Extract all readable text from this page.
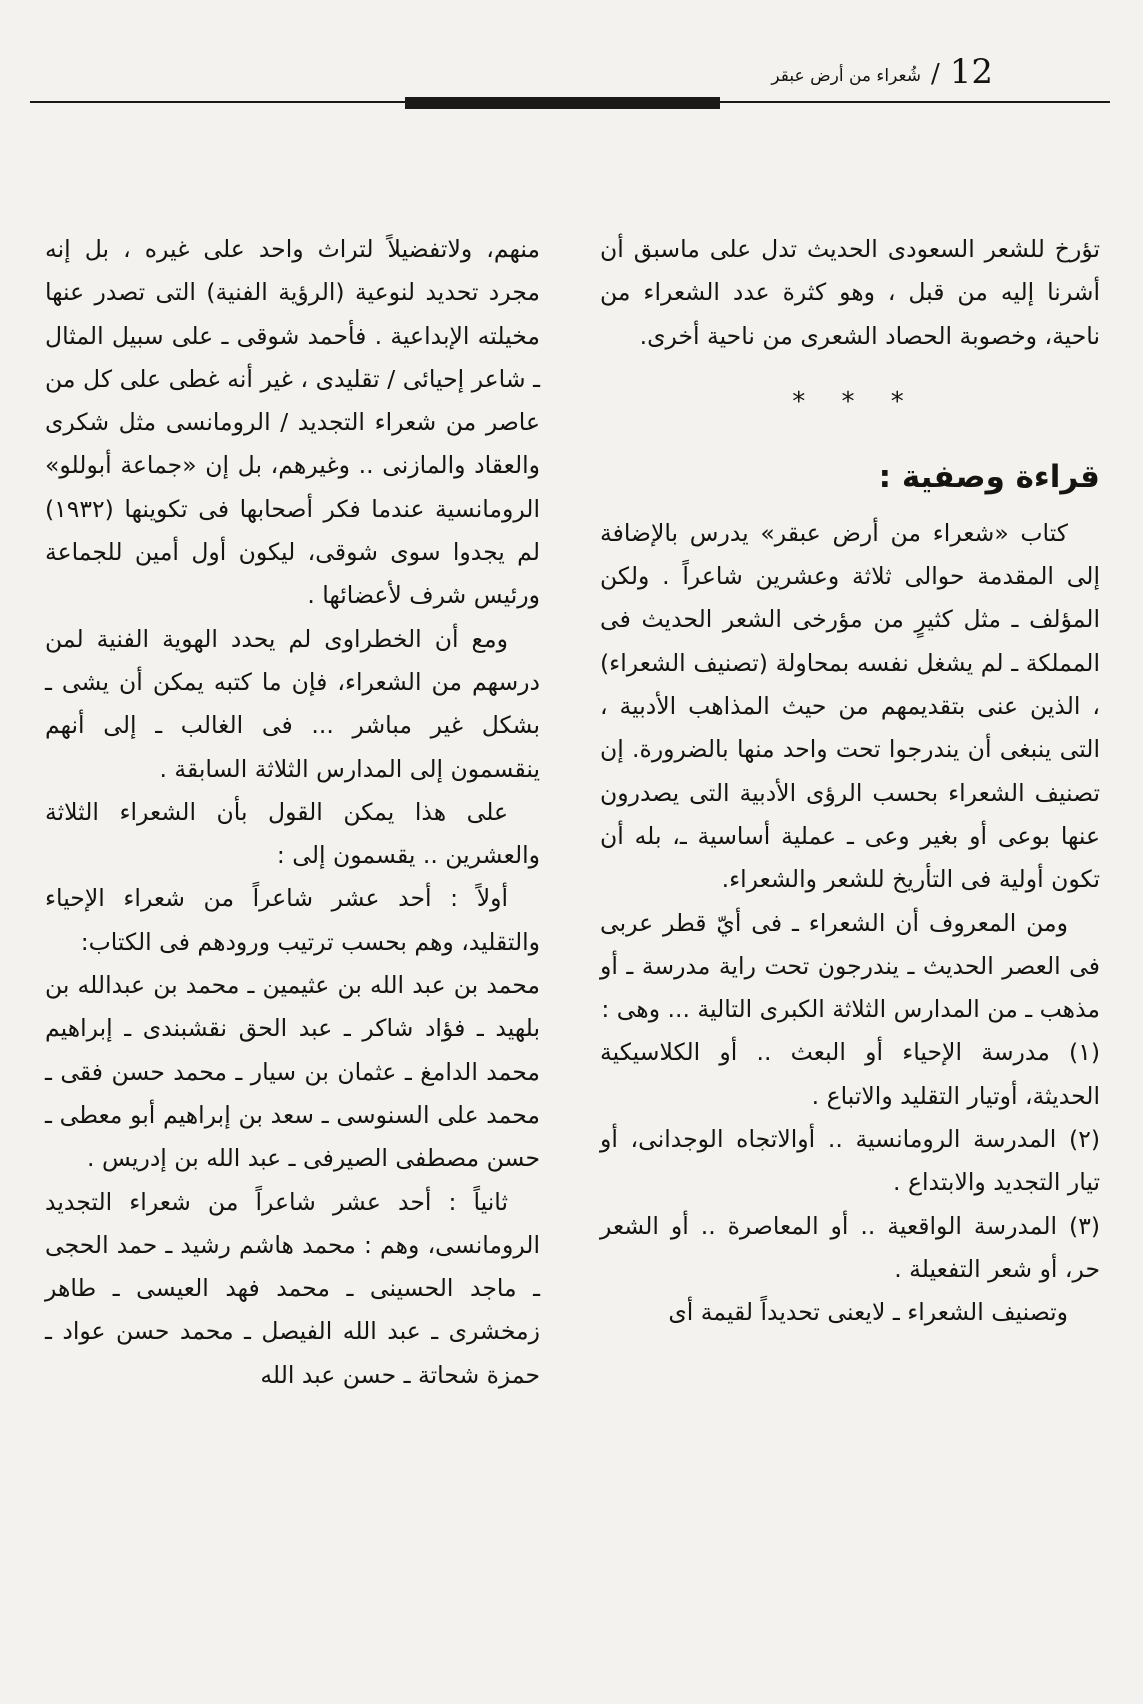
12
/
شُعراء من أرض عبقر

تؤرخ للشعر السعودى الحديث تدل على ماسبق أن أشرنا إليه من قبل ، وهو كثرة عدد الشعراء من ناحية، وخصوبة الحصاد الشعرى من ناحية أخرى.

* * *

قراءة وصفية :

كتاب «شعراء من أرض عبقر» يدرس بالإضافة إلى المقدمة حوالى ثلاثة وعشرين شاعراً . ولكن المؤلف ـ مثل كثيرٍ من مؤرخى الشعر الحديث فى المملكة ـ لم يشغل نفسه بمحاولة (تصنيف الشعراء) ، الذين عنى بتقديمهم من حيث المذاهب الأدبية ، التى ينبغى أن يندرجوا تحت واحد منها بالضرورة. إن تصنيف الشعراء بحسب الرؤى الأدبية التى يصدرون عنها بوعى أو بغير وعى ـ عملية أساسية ـ، بله أن تكون أولية فى التأريخ للشعر والشعراء.

ومن المعروف أن الشعراء ـ فى أيّ قطر عربى فى العصر الحديث ـ يندرجون تحت راية مدرسة ـ أو مذهب ـ من المدارس الثلاثة الكبرى التالية ... وهى :

(١) مدرسة الإحياء أو البعث .. أو الكلاسيكية الحديثة، أوتيار التقليد والاتباع .

(٢) المدرسة الرومانسية .. أوالاتجاه الوجدانى، أو تيار التجديد والابتداع .

(٣) المدرسة الواقعية .. أو المعاصرة .. أو الشعر حر، أو شعر التفعيلة .

وتصنيف الشعراء ـ لايعنى تحديداً لقيمة أى

منهم، ولاتفضيلاً لتراث واحد على غيره ، بل إنه مجرد تحديد لنوعية (الرؤية الفنية) التى تصدر عنها مخيلته الإبداعية . فأحمد شوقى ـ على سبيل المثال ـ شاعر إحيائى / تقليدى ، غير أنه غطى على كل من عاصر من شعراء التجديد / الرومانسى مثل شكرى والعقاد والمازنى .. وغيرهم، بل إن «جماعة أبوللو» الرومانسية عندما فكر أصحابها فى تكوينها (١٩٣٢) لم يجدوا سوى شوقى، ليكون أول أمين للجماعة ورئيس شرف لأعضائها .

ومع أن الخطراوى لم يحدد الهوية الفنية لمن درسهم من الشعراء، فإن ما كتبه يمكن أن يشى ـ بشكل غير مباشر ... فى الغالب ـ إلى أنهم ينقسمون إلى المدارس الثلاثة السابقة .

على هذا يمكن القول بأن الشعراء الثلاثة والعشرين .. يقسمون إلى :

أولاً : أحد عشر شاعراً من شعراء الإحياء والتقليد، وهم بحسب ترتيب ورودهم فى الكتاب:

محمد بن عبد الله بن عثيمين ـ محمد بن عبدالله بن بلهيد ـ فؤاد شاكر ـ عبد الحق نقشبندى ـ إبراهيم محمد الدامغ ـ عثمان بن سيار ـ محمد حسن فقى ـ محمد على السنوسى ـ سعد بن إبراهيم أبو معطى ـ حسن مصطفى الصيرفى ـ عبد الله بن إدريس .

ثانياً : أحد عشر شاعراً من شعراء التجديد الرومانسى، وهم : محمد هاشم رشيد ـ حمد الحجى ـ ماجد الحسينى ـ محمد فهد العيسى ـ طاهر زمخشرى ـ عبد الله الفيصل ـ محمد حسن عواد ـ حمزة شحاتة ـ حسن عبد الله
